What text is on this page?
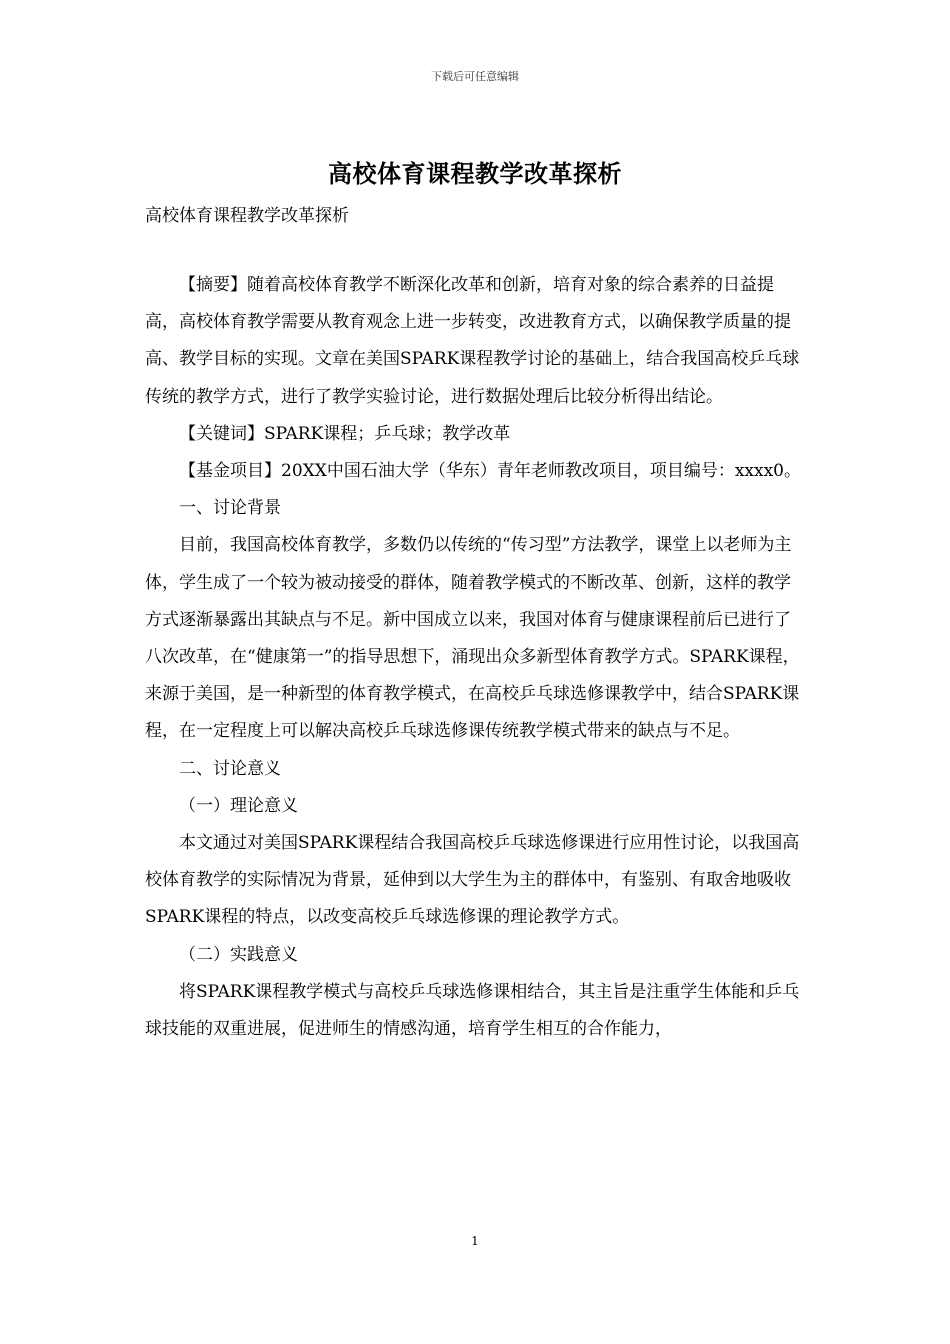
下载后可任意编辑
高校体育课程教学改革探析
高校体育课程教学改革探析

【摘要】随着高校体育教学不断深化改革和创新，培育对象的综合素养的日益提高，高校体育教学需要从教育观念上进一步转变，改进教育方式，以确保教学质量的提高、教学目标的实现。文章在美国SPARK课程教学讨论的基础上，结合我国高校乒乓球传统的教学方式，进行了教学实验讨论，进行数据处理后比较分析得出结论。

【关键词】SPARK课程；乒乓球；教学改革

【基金项目】20XX中国石油大学（华东）青年老师教改项目，项目编号：xxxx0。

一、讨论背景

目前，我国高校体育教学，多数仍以传统的“传习型”方法教学，课堂上以老师为主体，学生成了一个较为被动接受的群体，随着教学模式的不断改革、创新，这样的教学方式逐渐暴露出其缺点与不足。新中国成立以来，我国对体育与健康课程前后已进行了八次改革，在“健康第一”的指导思想下，涌现出众多新型体育教学方式。SPARK课程，来源于美国，是一种新型的体育教学模式，在高校乒乓球选修课教学中，结合SPARK课程，在一定程度上可以解决高校乒乓球选修课传统教学模式带来的缺点与不足。

二、讨论意义

（一）理论意义

本文通过对美国SPARK课程结合我国高校乒乓球选修课进行应用性讨论，以我国高校体育教学的实际情况为背景，延伸到以大学生为主的群体中，有鉴别、有取舍地吸收SPARK课程的特点，以改变高校乒乓球选修课的理论教学方式。

（二）实践意义

将SPARK课程教学模式与高校乒乓球选修课相结合，其主旨是注重学生体能和乒乓球技能的双重进展，促进师生的情感沟通，培育学生相互的合作能力，

1
